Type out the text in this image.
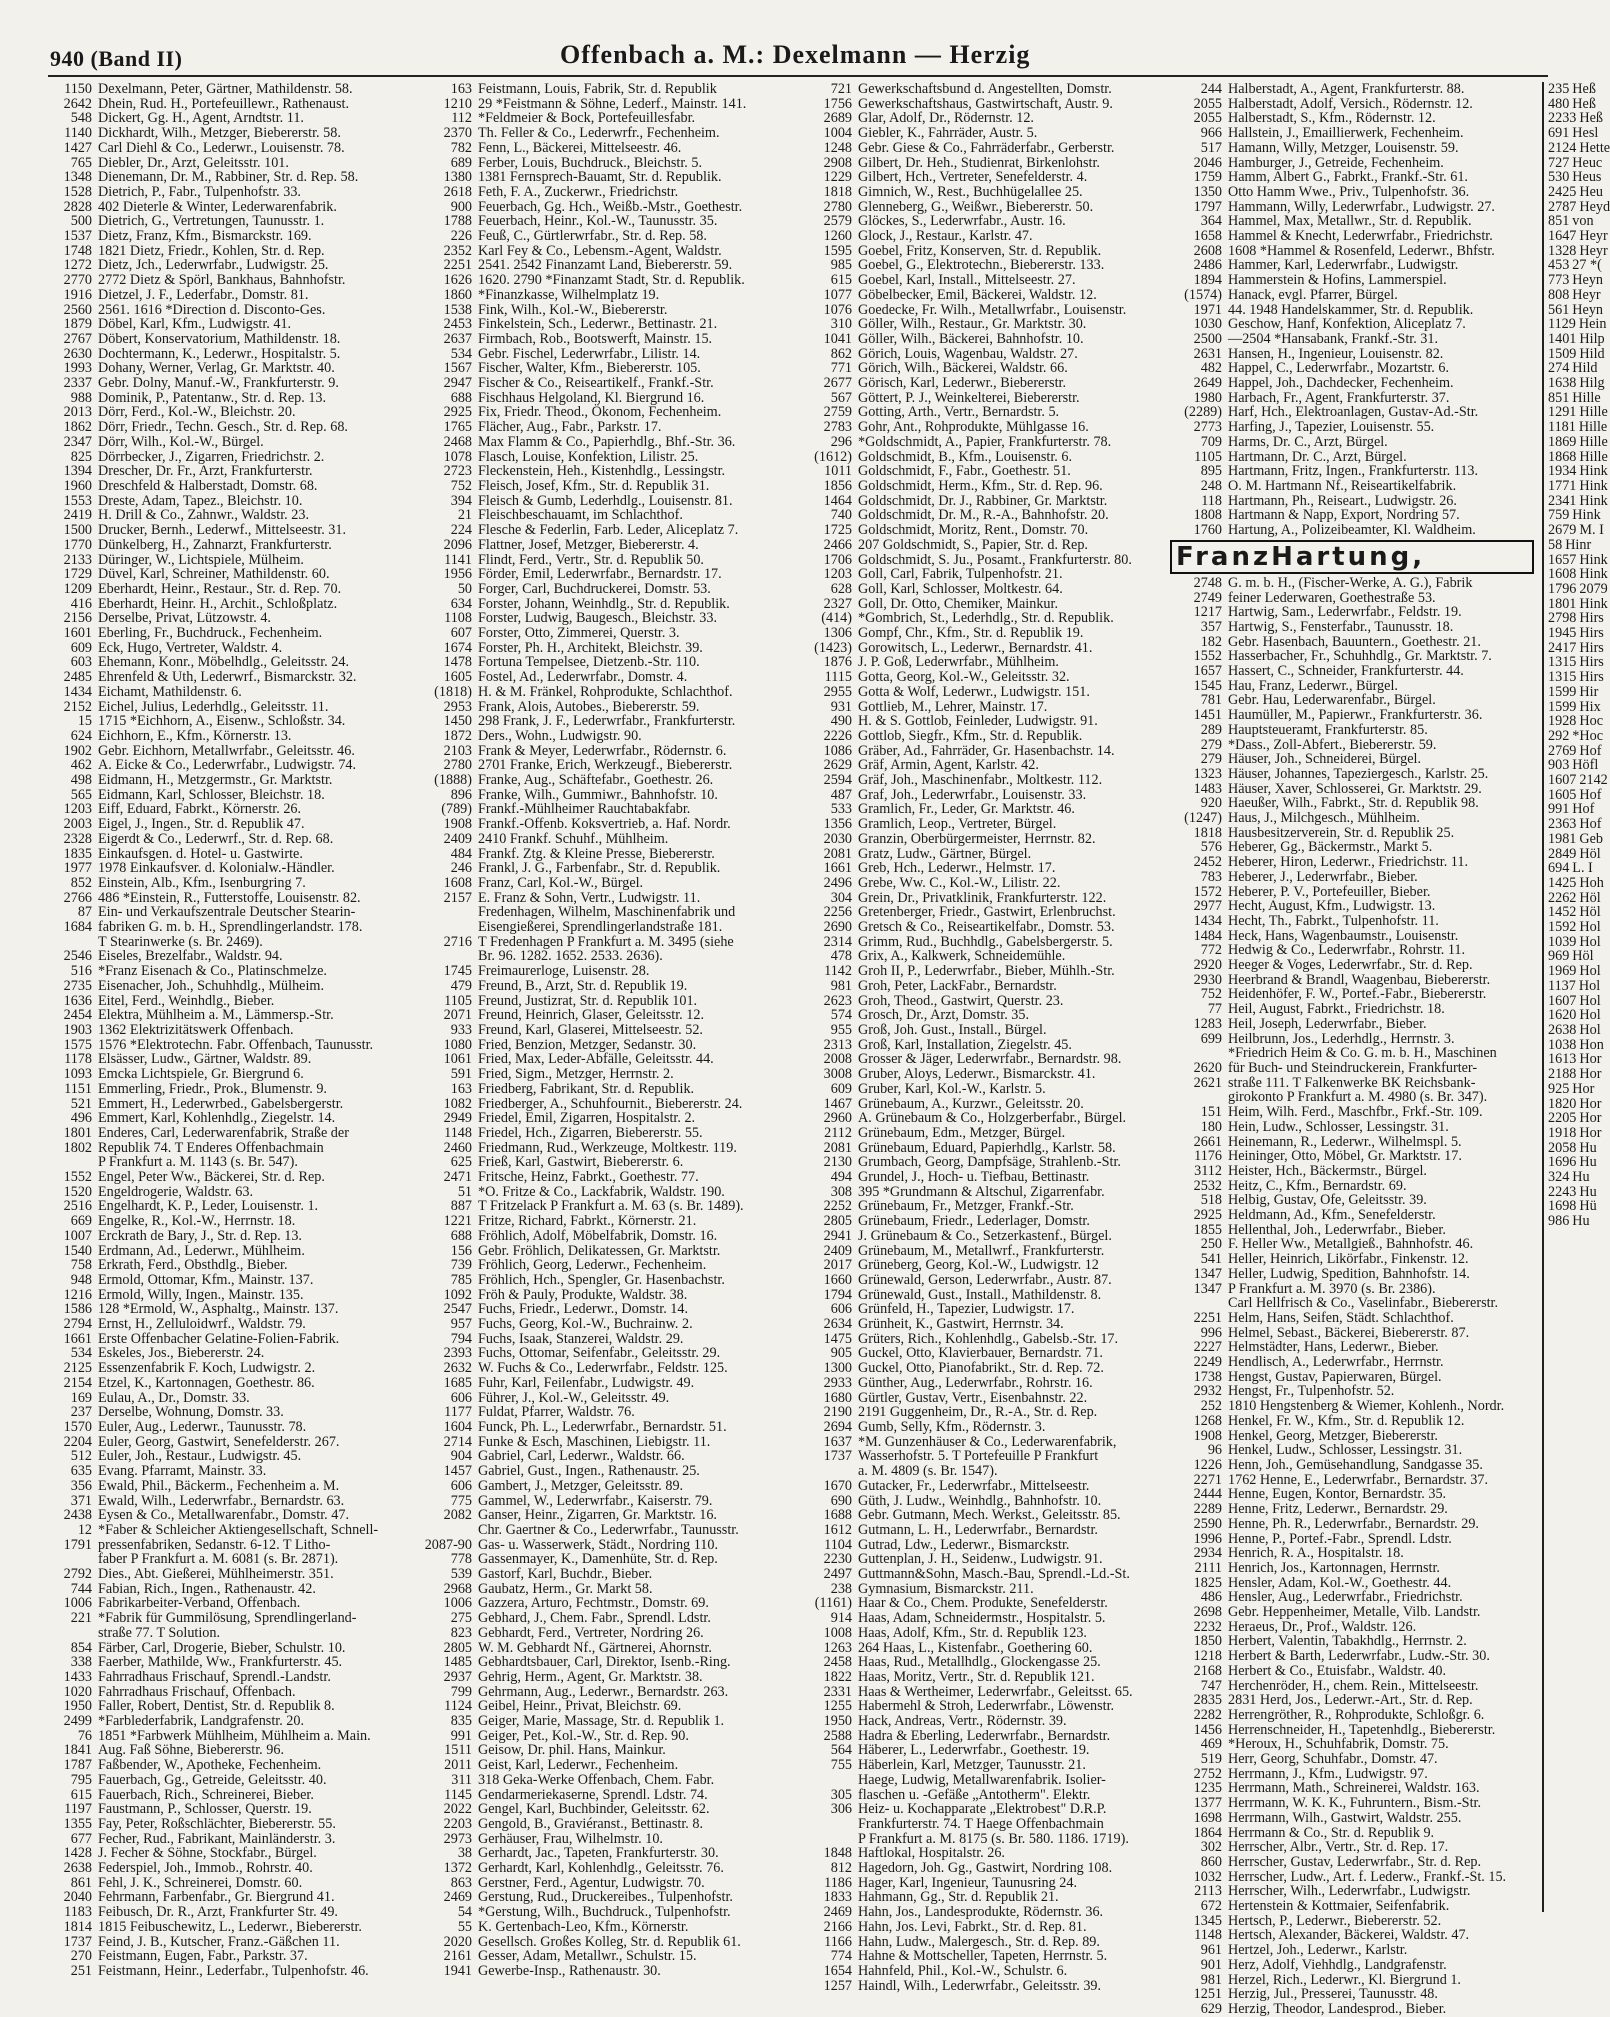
940 (Band II)	Offenbach a. M.: Dexelmann — Herzig
1150 Dexelmann, Peter, Gärtner, Mathildenstr. 58.
2642 Dhein, Rud. H., Portefeuillewr., Rathenaust.
548 Dickert, Gg. H., Agent, Arndtstr. 11.
1140 Dickhardt, Wilh., Metzger, Biebererstr. 58.
1427 Carl Diehl & Co., Lederwr., Louisenstr. 78.
765 Diebler, Dr., Arzt, Geleitsstr. 101.
1348 Dienemann, Dr. M., Rabbiner, Str. d. Rep. 58.
1528 Dietrich, P., Fabr., Tulpenhofstr. 33.
2828 402 Dieterle & Winter, Lederwarenfabrik.
500 Dietrich, G., Vertretungen, Taunusstr. 1.
1537 Dietz, Franz, Kfm., Bismarckstr. 169.
1748 1821 Dietz, Friedr., Kohlen, Str. d. Rep.
1272 Dietz, Jch., Lederwrfabr., Ludwigstr. 25.
2770 2772 Dietz & Spörl, Bankhaus, Bahnhofstr.
1916 Dietzel, J. F., Lederfabr., Domstr. 81.
2560 2561. 1616 *Direction d. Disconto-Ges.
1879 Döbel, Karl, Kfm., Ludwigstr. 41.
2767 Döbert, Konservatorium, Mathildenstr. 18.
2630 Dochtermann, K., Lederwr., Hospitalstr. 5.
1993 Dohany, Werner, Verlag, Gr. Marktstr. 40.
2337 Gebr. Dolny, Manuf.-W., Frankfurterstr. 9.
988 Dominik, P., Patentanw., Str. d. Rep. 13.
2013 Dörr, Ferd., Kol.-W., Bleichstr. 20.
1862 Dörr, Friedr., Techn. Gesch., Str. d. Rep. 68.
2347 Dörr, Wilh., Kol.-W., Bürgel.
825 Dörrbecker, J., Zigarren, Friedrichstr. 2.
1394 Drescher, Dr. Fr., Arzt, Frankfurterstr.
1960 Dreschfeld & Halberstadt, Domstr. 68.
1553 Dreste, Adam, Tapez., Bleichstr. 10.
2419 H. Drill & Co., Zahnwr., Waldstr. 23.
1500 Drucker, Bernh., Lederwf., Mittelseestr. 31.
1770 Dünkelberg, H., Zahnarzt, Frankfurterstr.
2133 Düringer, W., Lichtspiele, Mülheim.
1729 Düvel, Karl, Schreiner, Mathildenstr. 60.
1209 Eberhardt, Heinr., Restaur., Str. d. Rep. 70.
416 Eberhardt, Heinr. H., Archit., Schloßplatz.
2156 Derselbe, Privat, Lützowstr. 4.
1601 Eberling, Fr., Buchdruck., Fechenheim.
609 Eck, Hugo, Vertreter, Waldstr. 4.
603 Ehemann, Konr., Möbelhdlg., Geleitsstr. 24.
2485 Ehrenfeld & Uth, Lederwrf., Bismarckstr. 32.
1434 Eichamt, Mathildenstr. 6.
2152 Eichel, Julius, Lederhdlg., Geleitsstr. 11.
15 1715 *Eichhorn, A., Eisenw., Schloßstr. 34.
624 Eichhorn, E., Kfm., Körnerstr. 13.
1902 Gebr. Eichhorn, Metallwrfabr., Geleitsstr. 46.
462 A. Eicke & Co., Lederwrfabr., Ludwigstr. 74.
498 Eidmann, H., Metzgermstr., Gr. Marktstr.
565 Eidmann, Karl, Schlosser, Bleichstr. 18.
1203 Eiff, Eduard, Fabrkt., Körnerstr. 26.
2003 Eigel, J., Ingen., Str. d. Republik 47.
2328 Eigerdt & Co., Lederwrf., Str. d. Rep. 68.
1835 Einkaufsgen. d. Hotel- u. Gastwirte.
1977 1978 Einkaufsver. d. Kolonialw.-Händler.
852 Einstein, Alb., Kfm., Isenburgring 7.
2766 486 *Einstein, R., Futterstoffe, Louisenstr. 82.
87 Ein- und Verkaufszentrale Deutscher Stearin-
1684 fabriken G. m. b. H., Sprendlingerlandstr. 178.
T Stearinwerke (s. Br. 2469).
2546 Eiseles, Brezelfabr., Waldstr. 94.
516 *Franz Eisenach & Co., Platinschmelze.
2735 Eisenacher, Joh., Schuhhdlg., Mülheim.
1636 Eitel, Ferd., Weinhdlg., Bieber.
2454 Elektra, Mühlheim a. M., Lämmersp.-Str.
1903 1362 Elektrizitätswerk Offenbach.
1575 1576 *Elektrotechn. Fabr. Offenbach, Taunusstr.
1178 Elsässer, Ludw., Gärtner, Waldstr. 89.
1093 Emcka Lichtspiele, Gr. Biergrund 6.
1151 Emmerling, Friedr., Prok., Blumenstr. 9.
521 Emmert, H., Lederwrbed., Gabelsbergerstr.
496 Emmert, Karl, Kohlenhdlg., Ziegelstr. 14.
1801 Enderes, Carl, Lederwarenfabrik, Straße der
1802 Republik 74. T Enderes Offenbachmain
P Frankfurt a. M. 1143 (s. Br. 547).
1552 Engel, Peter Ww., Bäckerei, Str. d. Rep.
1520 Engeldrogerie, Waldstr. 63.
2516 Engelhardt, K. P., Leder, Louisenstr. 1.
669 Engelke, R., Kol.-W., Herrnstr. 18.
1007 Erckrath de Bary, J., Str. d. Rep. 13.
1540 Erdmann, Ad., Lederwr., Mühlheim.
758 Erkrath, Ferd., Obsthdlg., Bieber.
948 Ermold, Ottomar, Kfm., Mainstr. 137.
1216 Ermold, Willy, Ingen., Mainstr. 135.
1586 128 *Ermold, W., Asphaltg., Mainstr. 137.
2794 Ernst, H., Zelluloidwrf., Waldstr. 79.
1661 Erste Offenbacher Gelatine-Folien-Fabrik.
534 Eskeles, Jos., Biebererstr. 24.
2125 Essenzenfabrik F. Koch, Ludwigstr. 2.
2154 Etzel, K., Kartonnagen, Goethestr. 86.
169 Eulau, A., Dr., Domstr. 33.
237 Derselbe, Wohnung, Domstr. 33.
1570 Euler, Aug., Lederwr., Taunusstr. 78.
2204 Euler, Georg, Gastwirt, Senefelderstr. 267.
512 Euler, Joh., Restaur., Ludwigstr. 45.
635 Evang. Pfarramt, Mainstr. 33.
356 Ewald, Phil., Bäckerm., Fechenheim a. M.
371 Ewald, Wilh., Lederwrfabr., Bernardstr. 63.
2438 Eysen & Co., Metallwarenfabr., Domstr. 47.
12 *Faber & Schleicher Aktiengesellschaft, Schnell-
1791 pressenfabriken, Sedanstr. 6-12. T Litho-
faber P Frankfurt a. M. 6081 (s. Br. 2871).
2792 Dies., Abt. Gießerei, Mühlheimerstr. 351.
744 Fabian, Rich., Ingen., Rathenaustr. 42.
1006 Fabrikarbeiter-Verband, Offenbach.
221 *Fabrik für Gummilösung, Sprendlingerland-
straße 77. T Solution.
854 Färber, Carl, Drogerie, Bieber, Schulstr. 10.
338 Faerber, Mathilde, Ww., Frankfurterstr. 45.
1433 Fahrradhaus Frischauf, Sprendl.-Landstr.
1020 Fahrradhaus Frischauf, Offenbach.
1950 Faller, Robert, Dentist, Str. d. Republik 8.
2499 *Farblederfabrik, Landgrafenstr. 20.
76 1851 *Farbwerk Mühlheim, Mühlheim a. Main.
1841 Aug. Faß Söhne, Biebererstr. 96.
1787 Faßbender, W., Apotheke, Fechenheim.
795 Fauerbach, Gg., Getreide, Geleitsstr. 40.
615 Fauerbach, Rich., Schreinerei, Bieber.
1197 Faustmann, P., Schlosser, Querstr. 19.
1355 Fay, Peter, Roßschlächter, Biebererstr. 55.
677 Fecher, Rud., Fabrikant, Mainländerstr. 3.
1428 J. Fecher & Söhne, Stockfabr., Bürgel.
2638 Federspiel, Joh., Immob., Rohrstr. 40.
861 Fehl, J. K., Schreinerei, Domstr. 60.
2040 Fehrmann, Farbenfabr., Gr. Biergrund 41.
1183 Feibusch, Dr. R., Arzt, Frankfurter Str. 49.
1814 1815 Feibuschewitz, L., Lederwr., Biebererstr.
1737 Feind, J. B., Kutscher, Franz.-Gäßchen 11.
270 Feistmann, Eugen, Fabr., Parkstr. 37.
251 Feistmann, Heinr., Lederfabr., Tulpenhofstr. 46.
163 Feistmann, Louis, Fabrik, Str. d. Republik
1210 29 *Feistmann & Söhne, Lederf., Mainstr. 141.
112 *Feldmeier & Bock, Portefeuillesfabr.
2370 Th. Feller & Co., Lederwrfr., Fechenheim.
782 Fenn, L., Bäckerei, Mittelseestr. 46.
689 Ferber, Louis, Buchdruck., Bleichstr. 5.
1380 1381 Fernsprech-Bauamt, Str. d. Republik.
2618 Feth, F. A., Zuckerwr., Friedrichstr.
900 Feuerbach, Gg. Hch., Weißb.-Mstr., Goethestr.
1788 Feuerbach, Heinr., Kol.-W., Taunusstr. 35.
226 Feuß, C., Gürtlerwrfabr., Str. d. Rep. 58.
2352 Karl Fey & Co., Lebensm.-Agent, Waldstr.
2251 2541. 2542 Finanzamt Land, Biebererstr. 59.
1626 1620. 2790 *Finanzamt Stadt, Str. d. Republik.
1860 *Finanzkasse, Wilhelmplatz 19.
1538 Fink, Wilh., Kol.-W., Biebererstr.
2453 Finkelstein, Sch., Lederwr., Bettinastr. 21.
2637 Firmbach, Rob., Bootswerft, Mainstr. 15.
534 Gebr. Fischel, Lederwrfabr., Lilistr. 14.
1567 Fischer, Walter, Kfm., Biebererstr. 105.
2947 Fischer & Co., Reiseartikelf., Frankf.-Str.
688 Fischhaus Helgoland, Kl. Biergrund 16.
2925 Fix, Friedr. Theod., Ökonom, Fechenheim.
1765 Flächer, Aug., Fabr., Parkstr. 17.
2468 Max Flamm & Co., Papierhdlg., Bhf.-Str. 36.
1078 Flasch, Louise, Konfektion, Lilistr. 25.
2723 Fleckenstein, Heh., Kistenhdlg., Lessingstr.
752 Fleisch, Josef, Kfm., Str. d. Republik 31.
394 Fleisch & Gumb, Lederhdlg., Louisenstr. 81.
21 Fleischbeschauamt, im Schlachthof.
224 Flesche & Federlin, Farb. Leder, Aliceplatz 7.
2096 Flattner, Josef, Metzger, Biebererstr. 4.
1141 Flindt, Ferd., Vertr., Str. d. Republik 50.
1956 Förder, Emil, Lederwrfabr., Bernardstr. 17.
50 Forger, Carl, Buchdruckerei, Domstr. 53.
634 Forster, Johann, Weinhdlg., Str. d. Republik.
1108 Forster, Ludwig, Baugesch., Bleichstr. 33.
607 Forster, Otto, Zimmerei, Querstr. 3.
1674 Forster, Ph. H., Architekt, Bleichstr. 39.
1478 Fortuna Tempelsee, Dietzenb.-Str. 110.
1605 Fostel, Ad., Lederwrfabr., Domstr. 4.
(1818) H. & M. Fränkel, Rohprodukte, Schlachthof.
2953 Frank, Alois, Autobes., Biebererstr. 59.
1450 298 Frank, J. F., Lederwrfabr., Frankfurterstr.
1872 Ders., Wohn., Ludwigstr. 90.
2103 Frank & Meyer, Lederwrfabr., Rödernstr. 6.
2780 2701 Franke, Erich, Werkzeugf., Biebererstr.
(1888) Franke, Aug., Schäftefabr., Goethestr. 26.
896 Franke, Wilh., Gummiwr., Bahnhofstr. 10.
(789) Frankf.-Mühlheimer Rauchtabakfabr.
1908 Frankf.-Offenb. Koksvertrieb, a. Haf. Nordr.
2409 2410 Frankf. Schuhf., Mühlheim.
484 Frankf. Ztg. & Kleine Presse, Biebererstr.
246 Frankl, J. G., Farbenfabr., Str. d. Republik.
1608 Franz, Carl, Kol.-W., Bürgel.
2157 E. Franz & Sohn, Vertr., Ludwigstr. 11.
Fredenhagen, Wilhelm, Maschinenfabrik und
Eisengießerei, Sprendlingerlandstraße 181.
2716 T Fredenhagen P Frankfurt a. M. 3495 (siehe
Br. 96. 1282. 1652. 2533. 2636).
1745 Freimaurerloge, Luisenstr. 28.
479 Freund, B., Arzt, Str. d. Republik 19.
1105 Freund, Justizrat, Str. d. Republik 101.
2071 Freund, Heinrich, Glaser, Geleitsstr. 12.
933 Freund, Karl, Glaserei, Mittelseestr. 52.
1080 Fried, Benzion, Metzger, Sedanstr. 30.
1061 Fried, Max, Leder-Abfälle, Geleitsstr. 44.
591 Fried, Sigm., Metzger, Herrnstr. 2.
163 Friedberg, Fabrikant, Str. d. Republik.
1082 Friedberger, A., Schuhfournit., Biebererstr. 24.
2949 Friedel, Emil, Zigarren, Hospitalstr. 2.
1148 Friedel, Hch., Zigarren, Biebererstr. 55.
2460 Friedmann, Rud., Werkzeuge, Moltkestr. 119.
625 Frieß, Karl, Gastwirt, Biebererstr. 6.
2471 Fritsche, Heinz, Fabrkt., Goethestr. 77.
51 *O. Fritze & Co., Lackfabrik, Waldstr. 190.
887 T Fritzelack P Frankfurt a. M. 63 (s. Br. 1489).
1221 Fritze, Richard, Fabrkt., Körnerstr. 21.
688 Fröhlich, Adolf, Möbelfabrik, Domstr. 16.
156 Gebr. Fröhlich, Delikatessen, Gr. Marktstr.
739 Fröhlich, Georg, Lederwr., Fechenheim.
785 Fröhlich, Hch., Spengler, Gr. Hasenbachstr.
1092 Fröh & Pauly, Produkte, Waldstr. 38.
2547 Fuchs, Friedr., Lederwr., Domstr. 14.
957 Fuchs, Georg, Kol.-W., Buchrainw. 2.
794 Fuchs, Isaak, Stanzerei, Waldstr. 29.
2393 Fuchs, Ottomar, Seifenfabr., Geleitsstr. 29.
2632 W. Fuchs & Co., Lederwrfabr., Feldstr. 125.
1685 Fuhr, Karl, Feilenfabr., Ludwigstr. 49.
606 Führer, J., Kol.-W., Geleitsstr. 49.
1177 Fuldat, Pfarrer, Waldstr. 76.
1604 Funck, Ph. L., Lederwrfabr., Bernardstr. 51.
2714 Funke & Esch, Maschinen, Liebigstr. 11.
904 Gabriel, Carl, Lederwr., Waldstr. 66.
1457 Gabriel, Gust., Ingen., Rathenaustr. 25.
606 Gambert, J., Metzger, Geleitsstr. 89.
775 Gammel, W., Lederwrfabr., Kaiserstr. 79.
2082 Ganser, Heinr., Zigarren, Gr. Marktstr. 16.
Chr. Gaertner & Co., Lederwrfabr., Taunusstr.
2087-90 Gas- u. Wasserwerk, Städt., Nordring 110.
778 Gassenmayer, K., Damenhüte, Str. d. Rep.
539 Gastorf, Karl, Buchdr., Bieber.
2968 Gaubatz, Herm., Gr. Markt 58.
1006 Gazzera, Arturo, Fechtmstr., Domstr. 69.
275 Gebhard, J., Chem. Fabr., Sprendl. Ldstr.
823 Gebhardt, Ferd., Vertreter, Nordring 26.
2805 W. M. Gebhardt Nf., Gärtnerei, Ahornstr.
1485 Gebhardtsbauer, Carl, Direktor, Isenb.-Ring.
2937 Gehrig, Herm., Agent, Gr. Marktstr. 38.
799 Gehrmann, Aug., Lederwr., Bernardstr. 263.
1124 Geibel, Heinr., Privat, Bleichstr. 69.
835 Geiger, Marie, Massage, Str. d. Republik 1.
991 Geiger, Pet., Kol.-W., Str. d. Rep. 90.
1511 Geisow, Dr. phil. Hans, Mainkur.
2011 Geist, Karl, Lederwr., Fechenheim.
311 318 Geka-Werke Offenbach, Chem. Fabr.
1145 Gendarmeriekaserne, Sprendl. Ldstr. 74.
2022 Gengel, Karl, Buchbinder, Geleitsstr. 62.
2203 Gengold, B., Graviéranst., Bettinastr. 8.
2973 Gerhäuser, Frau, Wilhelmstr. 10.
38 Gerhardt, Jac., Tapeten, Frankfurterstr. 30.
1372 Gerhardt, Karl, Kohlenhdlg., Geleitsstr. 76.
863 Gerstner, Ferd., Agentur, Ludwigstr. 70.
2469 Gerstung, Rud., Druckereibes., Tulpenhofstr.
54 *Gerstung, Wilh., Buchdruck., Tulpenhofstr.
55 K. Gertenbach-Leo, Kfm., Körnerstr.
2020 Gesellsch. Großes Kolleg, Str. d. Republik 61.
2161 Gesser, Adam, Metallwr., Schulstr. 15.
1941 Gewerbe-Insp., Rathenaustr. 30.
721 Gewerkschaftsbund d. Angestellten, Domstr.
1756 Gewerkschaftshaus, Gastwirtschaft, Austr. 9.
2689 Glar, Adolf, Dr., Rödernstr. 12.
1004 Giebler, K., Fahrräder, Austr. 5.
1248 Gebr. Giese & Co., Fahrräderfabr., Gerberstr.
2908 Gilbert, Dr. Heh., Studienrat, Birkenlohstr.
1229 Gilbert, Hch., Vertreter, Senefelderstr. 4.
1818 Gimnich, W., Rest., Buchhügelallee 25.
2780 Glenneberg, G., Weißwr., Biebererstr. 50.
2579 Glöckes, S., Lederwrfabr., Austr. 16.
1260 Glock, J., Restaur., Karlstr. 47.
1595 Goebel, Fritz, Konserven, Str. d. Republik.
985 Goebel, G., Elektrotechn., Biebererstr. 133.
615 Goebel, Karl, Install., Mittelseestr. 27.
1077 Göbelbecker, Emil, Bäckerei, Waldstr. 12.
1076 Goedecke, Fr. Wilh., Metallwrfabr., Louisenstr.
310 Göller, Wilh., Restaur., Gr. Marktstr. 30.
1041 Göller, Wilh., Bäckerei, Bahnhofstr. 10.
862 Görich, Louis, Wagenbau, Waldstr. 27.
771 Görich, Wilh., Bäckerei, Waldstr. 66.
2677 Görisch, Karl, Lederwr., Biebererstr.
567 Göttert, P. J., Weinkelterei, Biebererstr.
2759 Gotting, Arth., Vertr., Bernardstr. 5.
2783 Gohr, Ant., Rohprodukte, Mühlgasse 16.
296 *Goldschmidt, A., Papier, Frankfurterstr. 78.
(1612) Goldschmidt, B., Kfm., Louisenstr. 6.
1011 Goldschmidt, F., Fabr., Goethestr. 51.
1856 Goldschmidt, Herm., Kfm., Str. d. Rep. 96.
1464 Goldschmidt, Dr. J., Rabbiner, Gr. Marktstr.
740 Goldschmidt, Dr. M., R.-A., Bahnhofstr. 20.
1725 Goldschmidt, Moritz, Rent., Domstr. 70.
2466 207 Goldschmidt, S., Papier, Str. d. Rep.
1706 Goldschmidt, S. Ju., Posamt., Frankfurterstr. 80.
1203 Goll, Carl, Fabrik, Tulpenhofstr. 21.
628 Goll, Karl, Schlosser, Moltkestr. 64.
2327 Goll, Dr. Otto, Chemiker, Mainkur.
(414) *Gombrich, St., Lederhdlg., Str. d. Republik.
1306 Gompf, Chr., Kfm., Str. d. Republik 19.
(1423) Gorowitsch, L., Lederwr., Bernardstr. 41.
1876 J. P. Goß, Lederwrfabr., Mühlheim.
1115 Gotta, Georg, Kol.-W., Geleitsstr. 32.
2955 Gotta & Wolf, Lederwr., Ludwigstr. 151.
931 Gottlieb, M., Lehrer, Mainstr. 17.
490 H. & S. Gottlob, Feinleder, Ludwigstr. 91.
2226 Gottlob, Siegfr., Kfm., Str. d. Republik.
1086 Gräber, Ad., Fahrräder, Gr. Hasenbachstr. 14.
2629 Gräf, Armin, Agent, Karlstr. 42.
2594 Gräf, Joh., Maschinenfabr., Moltkestr. 112.
487 Graf, Joh., Lederwrfabr., Louisenstr. 33.
533 Gramlich, Fr., Leder, Gr. Marktstr. 46.
1356 Gramlich, Leop., Vertreter, Bürgel.
2030 Granzin, Oberbürgermeister, Herrnstr. 82.
2081 Gratz, Ludw., Gärtner, Bürgel.
1661 Greb, Hch., Lederwr., Helmstr. 17.
2496 Grebe, Ww. C., Kol.-W., Lilistr. 22.
304 Grein, Dr., Privatklinik, Frankfurterstr. 122.
2256 Gretenberger, Friedr., Gastwirt, Erlenbruchst.
2690 Gretsch & Co., Reiseartikelfabr., Domstr. 53.
2314 Grimm, Rud., Buchhdlg., Gabelsbergerstr. 5.
478 Grix, A., Kalkwerk, Schneidemühle.
1142 Groh II, P., Lederwrfabr., Bieber, Mühlh.-Str.
981 Groh, Peter, LackFabr., Bernardstr.
2623 Groh, Theod., Gastwirt, Querstr. 23.
574 Grosch, Dr., Arzt, Domstr. 35.
955 Groß, Joh. Gust., Install., Bürgel.
2313 Groß, Karl, Installation, Ziegelstr. 45.
2008 Grosser & Jäger, Lederwrfabr., Bernardstr. 98.
3008 Gruber, Aloys, Lederwr., Bismarckstr. 41.
609 Gruber, Karl, Kol.-W., Karlstr. 5.
1467 Grünebaum, A., Kurzwr., Geleitsstr. 20.
2960 A. Grünebaum & Co., Holzgerberfabr., Bürgel.
2112 Grünebaum, Edm., Metzger, Bürgel.
2081 Grünebaum, Eduard, Papierhdlg., Karlstr. 58.
2130 Grumbach, Georg, Dampfsäge, Strahlenb.-Str.
494 Grundel, J., Hoch- u. Tiefbau, Bettinastr.
308 395 *Grundmann & Altschul, Zigarrenfabr.
2252 Grünebaum, Fr., Metzger, Frankf.-Str.
2805 Grünebaum, Friedr., Lederlager, Domstr.
2941 J. Grünebaum & Co., Setzerkastenf., Bürgel.
2409 Grünebaum, M., Metallwrf., Frankfurterstr.
2017 Grüneberg, Georg, Kol.-W., Ludwigstr. 12
1660 Grünewald, Gerson, Lederwrfabr., Austr. 87.
1794 Grünewald, Gust., Install., Mathildenstr. 8.
606 Grünfeld, H., Tapezier, Ludwigstr. 17.
2634 Grünheit, K., Gastwirt, Herrnstr. 34.
1475 Grüters, Rich., Kohlenhdlg., Gabelsb.-Str. 17.
905 Guckel, Otto, Klavierbauer, Bernardstr. 71.
1300 Guckel, Otto, Pianofabrikt., Str. d. Rep. 72.
2933 Günther, Aug., Lederwrfabr., Rohrstr. 16.
1680 Gürtler, Gustav, Vertr., Eisenbahnstr. 22.
2190 2191 Guggenheim, Dr., R.-A., Str. d. Rep.
2694 Gumb, Selly, Kfm., Rödernstr. 3.
1637 *M. Gunzenhäuser & Co., Lederwarenfabrik,
1737 Wasserhofstr. 5. T Portefeuille P Frankfurt
a. M. 4809 (s. Br. 1547).
1670 Gutacker, Fr., Lederwrfabr., Mittelseestr.
690 Güth, J. Ludw., Weinhdlg., Bahnhofstr. 10.
1688 Gebr. Gutmann, Mech. Werkst., Geleitsstr. 85.
1612 Gutmann, L. H., Lederwrfabr., Bernardstr.
1104 Gutrad, Ldw., Lederwr., Bismarckstr.
2230 Guttenplan, J. H., Seidenw., Ludwigstr. 91.
2497 Guttmann&Sohn, Masch.-Bau, Sprendl.-Ld.-St.
238 Gymnasium, Bismarckstr. 211.
(1161) Haar & Co., Chem. Produkte, Senefelderstr.
914 Haas, Adam, Schneidermstr., Hospitalstr. 5.
1008 Haas, Adolf, Kfm., Str. d. Republik 123.
1263 264 Haas, L., Kistenfabr., Goethering 60.
2458 Haas, Rud., Metallhdlg., Glockengasse 25.
1822 Haas, Moritz, Vertr., Str. d. Republik 121.
2331 Haas & Wertheimer, Lederwrfabr., Geleitsst. 65.
1255 Habermehl & Stroh, Lederwrfabr., Löwenstr.
1950 Hack, Andreas, Vertr., Rödernstr. 39.
2588 Hadra & Eberling, Lederwrfabr., Bernardstr.
564 Häberer, L., Lederwrfabr., Goethestr. 19.
755 Häberlein, Karl, Metzger, Taunusstr. 21.
Haege, Ludwig, Metallwarenfabrik. Isolier-
305 flaschen u. -Gefäße „Antotherm". Elektr.
306 Heiz- u. Kochapparate „Elektrobest" D.R.P.
Frankfurterstr. 74. T Haege Offenbachmain
P Frankfurt a. M. 8175 (s. Br. 580. 1186. 1719).
1848 Haftlokal, Hospitalstr. 26.
812 Hagedorn, Joh. Gg., Gastwirt, Nordring 108.
1186 Hager, Karl, Ingenieur, Taunusring 24.
1833 Hahmann, Gg., Str. d. Republik 21.
2469 Hahn, Jos., Landesprodukte, Rödernstr. 36.
2166 Hahn, Jos. Levi, Fabrkt., Str. d. Rep. 81.
1166 Hahn, Ludw., Malergesch., Str. d. Rep. 89.
774 Hahne & Mottscheller, Tapeten, Herrnstr. 5.
1654 Hahnfeld, Phil., Kol.-W., Schulstr. 6.
1257 Haindl, Wilh., Lederwrfabr., Geleitsstr. 39.
244 Halberstadt, A., Agent, Frankfurterstr. 88.
2055 Halberstadt, Adolf, Versich., Rödernstr. 12.
2055 Halberstadt, S., Kfm., Rödernstr. 12.
966 Hallstein, J., Emaillierwerk, Fechenheim.
517 Hamann, Willy, Metzger, Louisenstr. 59.
2046 Hamburger, J., Getreide, Fechenheim.
1759 Hamm, Albert G., Fabrkt., Frankf.-Str. 61.
1350 Otto Hamm Wwe., Priv., Tulpenhofstr. 36.
1797 Hammann, Willy, Lederwrfabr., Ludwigstr. 27.
364 Hammel, Max, Metallwr., Str. d. Republik.
1658 Hammel & Knecht, Lederwrfabr., Friedrichstr.
2608 1608 *Hammel & Rosenfeld, Lederwr., Bhfstr.
2486 Hammer, Karl, Lederwrfabr., Ludwigstr.
1894 Hammerstein & Hofins, Lammerspiel.
(1574) Hanack, evgl. Pfarrer, Bürgel.
1971 44. 1948 Handelskammer, Str. d. Republik.
1030 Geschow, Hanf, Konfektion, Aliceplatz 7.
2500 —2504 *Hansabank, Frankf.-Str. 31.
2631 Hansen, H., Ingenieur, Louisenstr. 82.
482 Happel, C., Lederwrfabr., Mozartstr. 6.
2649 Happel, Joh., Dachdecker, Fechenheim.
1980 Harbach, Fr., Agent, Frankfurterstr. 37.
(2289) Harf, Hch., Elektroanlagen, Gustav-Ad.-Str.
2773 Harfing, J., Tapezier, Louisenstr. 55.
709 Harms, Dr. C., Arzt, Bürgel.
1105 Hartmann, Dr. C., Arzt, Bürgel.
895 Hartmann, Fritz, Ingen., Frankfurterstr. 113.
248 O. M. Hartmann Nf., Reiseartikelfabrik.
118 Hartmann, Ph., Reiseart., Ludwigstr. 26.
1808 Hartmann & Napp, Export, Nordring 57.
1760 Hartung, A., Polizeibeamter, Kl. Waldheim.
FranzHartung,
2748 G. m. b. H., (Fischer-Werke, A. G.), Fabrik
2749 feiner Lederwaren, Goethestraße 53.
1217 Hartwig, Sam., Lederwrfabr., Feldstr. 19.
357 Hartwig, S., Fensterfabr., Taunusstr. 18.
182 Gebr. Hasenbach, Bauuntern., Goethestr. 21.
1552 Hasserbacher, Fr., Schuhhdlg., Gr. Marktstr. 7.
1657 Hassert, C., Schneider, Frankfurterstr. 44.
1545 Hau, Franz, Lederwr., Bürgel.
781 Gebr. Hau, Lederwarenfabr., Bürgel.
1451 Haumüller, M., Papierwr., Frankfurterstr. 36.
289 Hauptsteueramt, Frankfurterstr. 85.
279 *Dass., Zoll-Abfert., Biebererstr. 59.
279 Häuser, Joh., Schneiderei, Bürgel.
1323 Häuser, Johannes, Tapeziergesch., Karlstr. 25.
1483 Häuser, Xaver, Schlosserei, Gr. Marktstr. 29.
920 Haeußer, Wilh., Fabrkt., Str. d. Republik 98.
(1247) Haus, J., Milchgesch., Mühlheim.
1818 Hausbesitzerverein, Str. d. Republik 25.
576 Heberer, Gg., Bäckermstr., Markt 5.
2452 Heberer, Hiron, Lederwr., Friedrichstr. 11.
783 Heberer, J., Lederwrfabr., Bieber.
1572 Heberer, P. V., Portefeuiller, Bieber.
2977 Hecht, August, Kfm., Ludwigstr. 13.
1434 Hecht, Th., Fabrkt., Tulpenhofstr. 11.
1484 Heck, Hans, Wagenbaumstr., Louisenstr.
772 Hedwig & Co., Lederwrfabr., Rohrstr. 11.
2920 Heeger & Voges, Lederwrfabr., Str. d. Rep.
2930 Heerbrand & Brandl, Waagenbau, Biebererstr.
752 Heidenhöfer, F. W., Portef.-Fabr., Biebererstr.
77 Heil, August, Fabrkt., Friedrichstr. 18.
1283 Heil, Joseph, Lederwrfabr., Bieber.
699 Heilbrunn, Jos., Lederhdlg., Herrnstr. 3.
*Friedrich Heim & Co. G. m. b. H., Maschinen
2620 für Buch- und Steindruckerein, Frankfurter-
2621 straße 111. T Falkenwerke BK Reichsbank-
girokonto P Frankfurt a. M. 4980 (s. Br. 347).
151 Heim, Wilh. Ferd., Maschfbr., Frkf.-Str. 109.
180 Hein, Ludw., Schlosser, Lessingstr. 31.
2661 Heinemann, R., Lederwr., Wilhelmspl. 5.
1176 Heininger, Otto, Möbel, Gr. Marktstr. 17.
3112 Heister, Hch., Bäckermstr., Bürgel.
2532 Heitz, C., Kfm., Bernardstr. 69.
518 Helbig, Gustav, Ofe, Geleitsstr. 39.
2925 Heldmann, Ad., Kfm., Senefelderstr.
1855 Hellenthal, Joh., Lederwrfabr., Bieber.
250 F. Heller Ww., Metallgieß., Bahnhofstr. 46.
541 Heller, Heinrich, Likörfabr., Finkenstr. 12.
1347 Heller, Ludwig, Spedition, Bahnhofstr. 14.
1347 P Frankfurt a. M. 3970 (s. Br. 2386).
Carl Hellfrisch & Co., Vaselinfabr., Biebererstr.
2251 Helm, Hans, Seifen, Städt. Schlachthof.
996 Helmel, Sebast., Bäckerei, Biebererstr. 87.
2227 Helmstädter, Hans, Lederwr., Bieber.
2249 Hendlisch, A., Lederwrfabr., Herrnstr.
1738 Hengst, Gustav, Papierwaren, Bürgel.
2932 Hengst, Fr., Tulpenhofstr. 52.
252 1810 Hengstenberg & Wiemer, Kohlenh., Nordr.
1268 Henkel, Fr. W., Kfm., Str. d. Republik 12.
1908 Henkel, Georg, Metzger, Biebererstr.
96 Henkel, Ludw., Schlosser, Lessingstr. 31.
1226 Henn, Joh., Gemüsehandlung, Sandgasse 35.
2271 1762 Henne, E., Lederwrfabr., Bernardstr. 37.
2444 Henne, Eugen, Kontor, Bernardstr. 35.
2289 Henne, Fritz, Lederwr., Bernardstr. 29.
2590 Henne, Ph. R., Lederwrfabr., Bernardstr. 29.
1996 Henne, P., Portef.-Fabr., Sprendl. Ldstr.
2934 Henrich, R. A., Hospitalstr. 18.
2111 Henrich, Jos., Kartonnagen, Herrnstr.
1825 Hensler, Adam, Kol.-W., Goethestr. 44.
486 Hensler, Aug., Lederwrfabr., Friedrichstr.
2698 Gebr. Heppenheimer, Metalle, Vilb. Landstr.
2232 Heraeus, Dr., Prof., Waldstr. 126.
1850 Herbert, Valentin, Tabakhdlg., Herrnstr. 2.
1218 Herbert & Barth, Lederwrfabr., Ludw.-Str. 30.
2168 Herbert & Co., Etuisfabr., Waldstr. 40.
747 Herchenröder, H., chem. Rein., Mittelseestr.
2835 2831 Herd, Jos., Lederwr.-Art., Str. d. Rep.
2282 Herrengröther, R., Rohprodukte, Schloßgr. 6.
1456 Herrenschneider, H., Tapetenhdlg., Biebererstr.
469 *Heroux, H., Schuhfabrik, Domstr. 75.
519 Herr, Georg, Schuhfabr., Domstr. 47.
2752 Herrmann, J., Kfm., Ludwigstr. 97.
1235 Herrmann, Math., Schreinerei, Waldstr. 163.
1377 Herrmann, W. K. K., Fuhruntern., Bism.-Str.
1698 Herrmann, Wilh., Gastwirt, Waldstr. 255.
1864 Herrmann & Co., Str. d. Republik 9.
302 Herrscher, Albr., Vertr., Str. d. Rep. 17.
860 Herrscher, Gustav, Lederwrfabr., Str. d. Rep.
1032 Herrscher, Ludw., Art. f. Lederw., Frankf.-St. 15.
2113 Herrscher, Wilh., Lederwrfabr., Ludwigstr.
672 Hertenstein & Kottmaier, Seifenfabrik.
1345 Hertsch, P., Lederwr., Biebererstr. 52.
1148 Hertsch, Alexander, Bäckerei, Waldstr. 47.
961 Hertzel, Joh., Lederwr., Karlstr.
901 Herz, Adolf, Viehhdlg., Landgrafenstr.
981 Herzel, Rich., Lederwr., Kl. Biergrund 1.
1251 Herzig, Jul., Presserei, Taunusstr. 48.
629 Herzig, Theodor, Landesprod., Bieber.
235 Heß
480 Heß
2233 Heß
691 Hesl
2124 Hette
727 Heuc
530 Heus
2425 Heu
2787 Heyd
851 von
1647 Heyr
1328 Heyr
453 27 *(
773 Heyn
808 Heyr
561 Heyn
1129 Hein
1401 Hilp
1509 Hild
274 Hild
1638 Hilg
851 Hille
1291 Hille
1181 Hille
1869 Hille
1868 Hille
1934 Hink
1771 Hink
2341 Hink
759 Hink
2679 M. I
58 Hinr
1657 Hink
1608 Hink
1796 2079
1801 Hink
2798 Hirs
1945 Hirs
2417 Hirs
1315 Hirs
1315 Hirs
1599 Hir
1599 Hix
1928 Hoc
292 *Hoc
2769 Hof
903 Höfl
1607 2142
1605 Hof
991 Hof
2363 Hof
1981 Geb
2849 Höl
694 L. I
1425 Hoh
2262 Höl
1452 Höl
1592 Hol
1039 Hol
969 Höl
1969 Hol
1137 Hol
1607 Hol
1620 Hol
2638 Hol
1038 Hon
1613 Hor
2188 Hor
925 Hor
1820 Hor
2205 Hor
1918 Hor
2058 Hu
1696 Hu
324 Hu
2243 Hu
1698 Hü
986 Hu
